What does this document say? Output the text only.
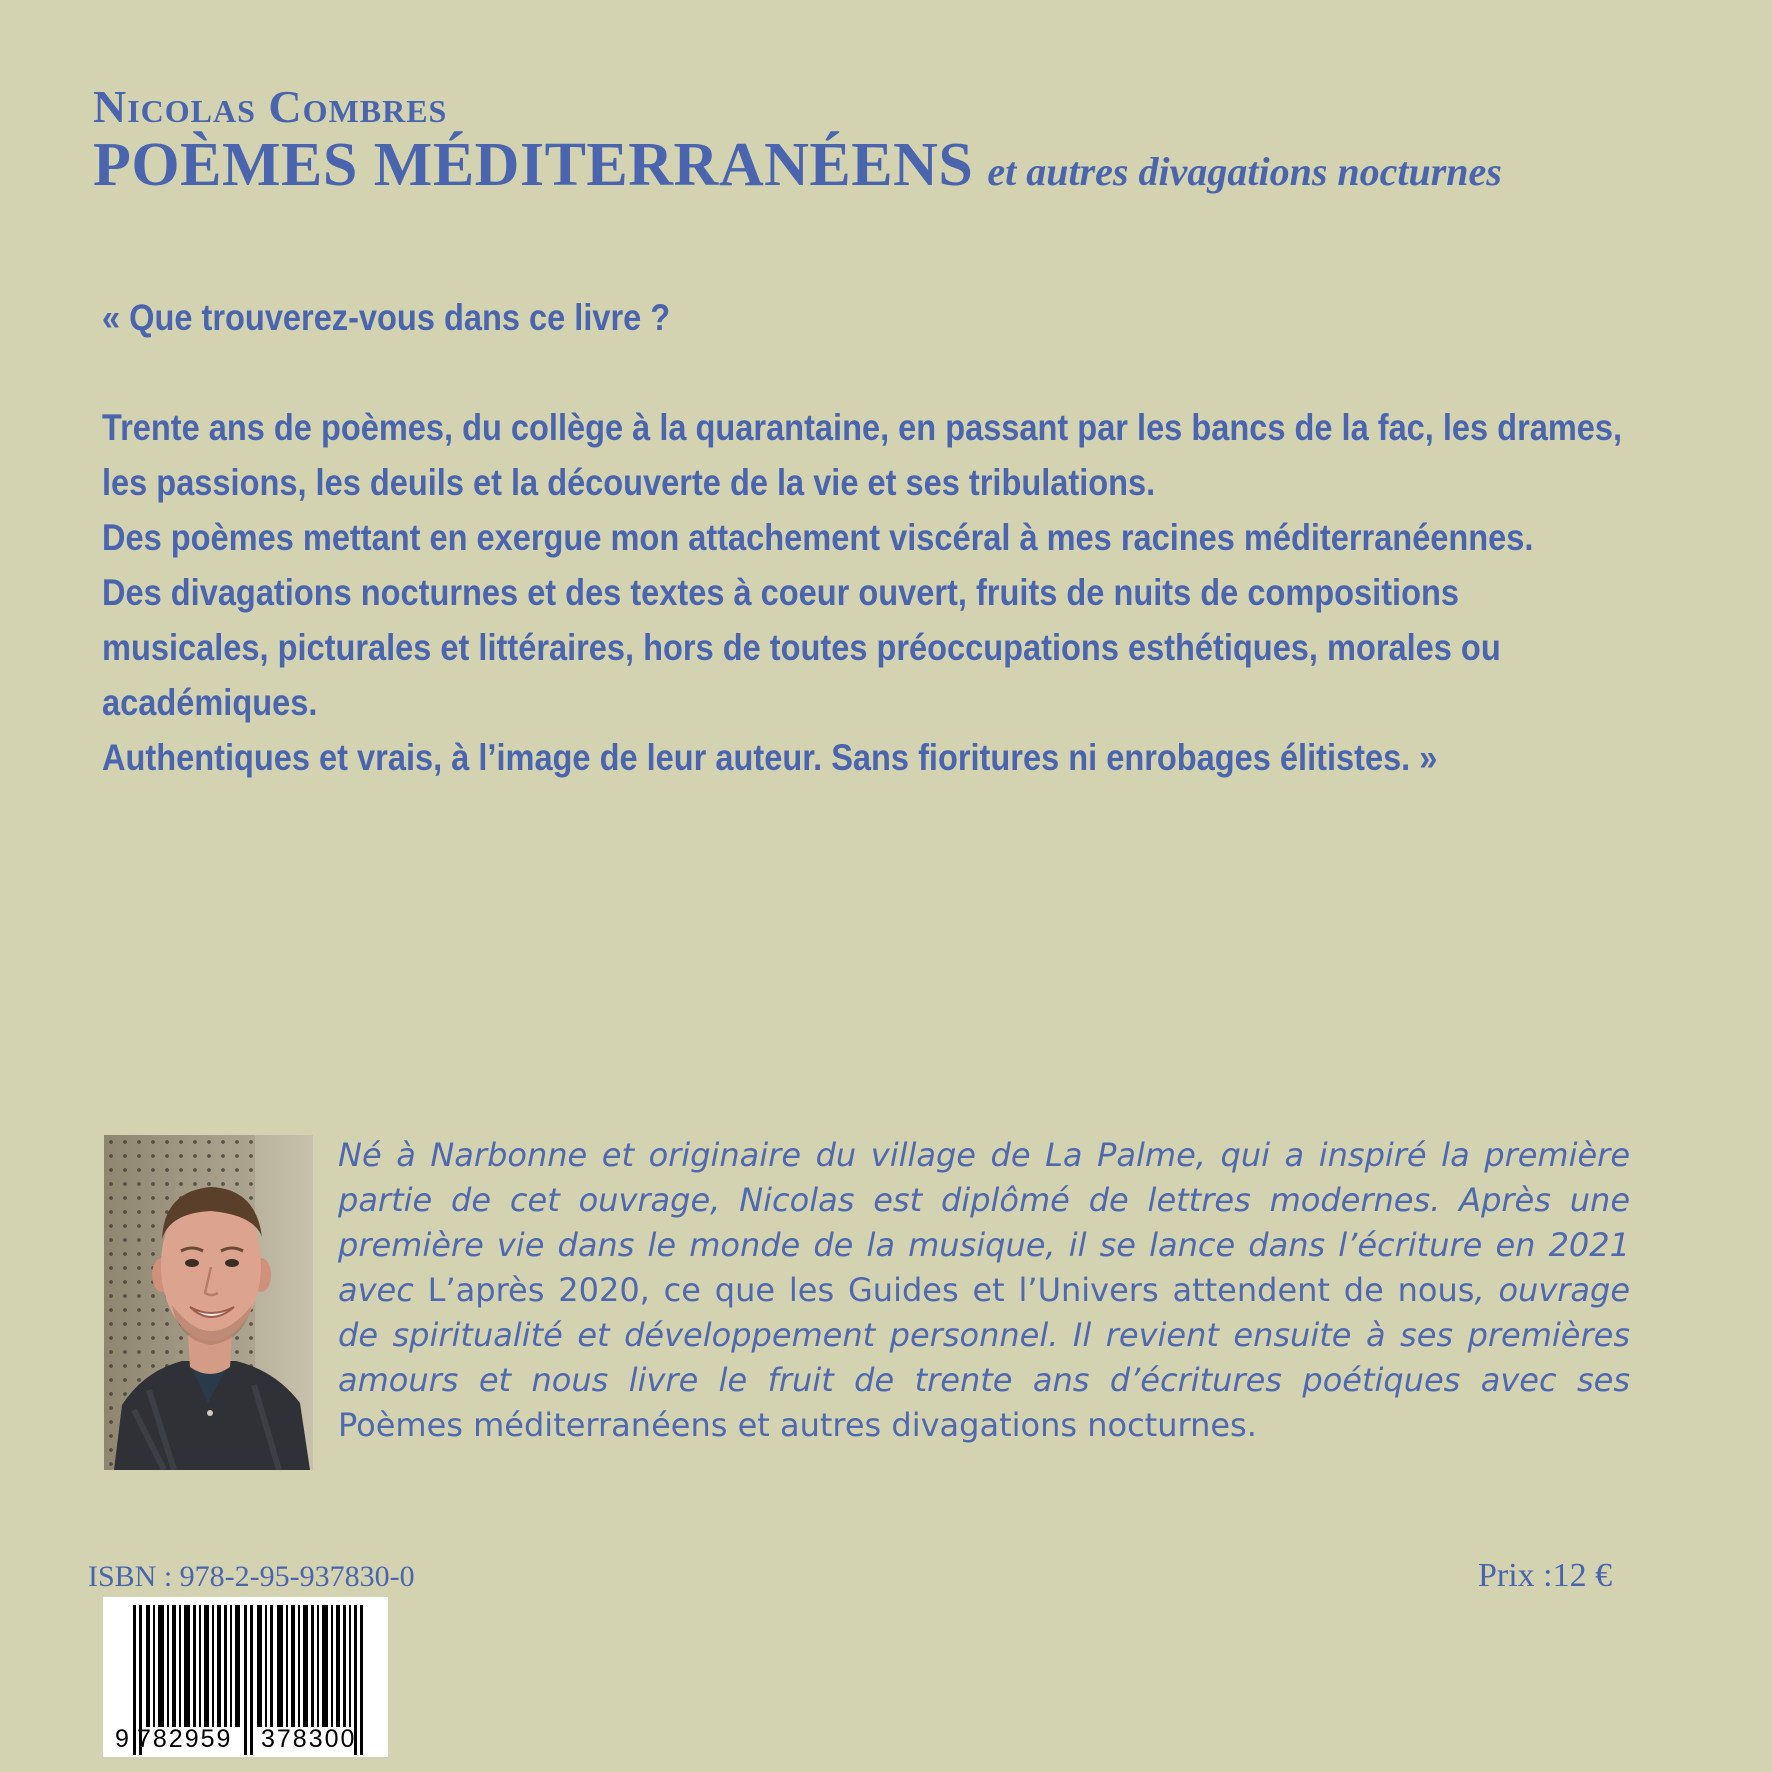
Nicolas Combres
POÈMES MÉDITERRANÉENS et autres divagations nocturnes

« Que trouverez-vous dans ce livre ?

Trente ans de poèmes, du collège à la quarantaine, en passant par les bancs de la fac, les drames, les passions, les deuils et la découverte de la vie et ses tribulations.

Des poèmes mettant en exergue mon attachement viscéral à mes racines méditerranéennes.

Des divagations nocturnes et des textes à coeur ouvert, fruits de nuits de compositions musicales, picturales et littéraires, hors de toutes préoccupations esthétiques, morales ou académiques.

Authentiques et vrais, à l’image de leur auteur. Sans fioritures ni enrobages élitistes. »

Né à Narbonne et originaire du village de La Palme, qui a inspiré la première partie de cet ouvrage, Nicolas est diplômé de lettres modernes. Après une première vie dans le monde de la musique, il se lance dans l’écriture en 2021 avec L’après 2020, ce que les Guides et l’Univers attendent de nous, ouvrage de spiritualité et développement personnel. Il revient ensuite à ses premières amours et nous livre le fruit de trente ans d’écritures poétiques avec ses Poèmes méditerranéens et autres divagations nocturnes.
ISBN : 978-2-95-937830-0	Prix :12 €
9 782959 378300
